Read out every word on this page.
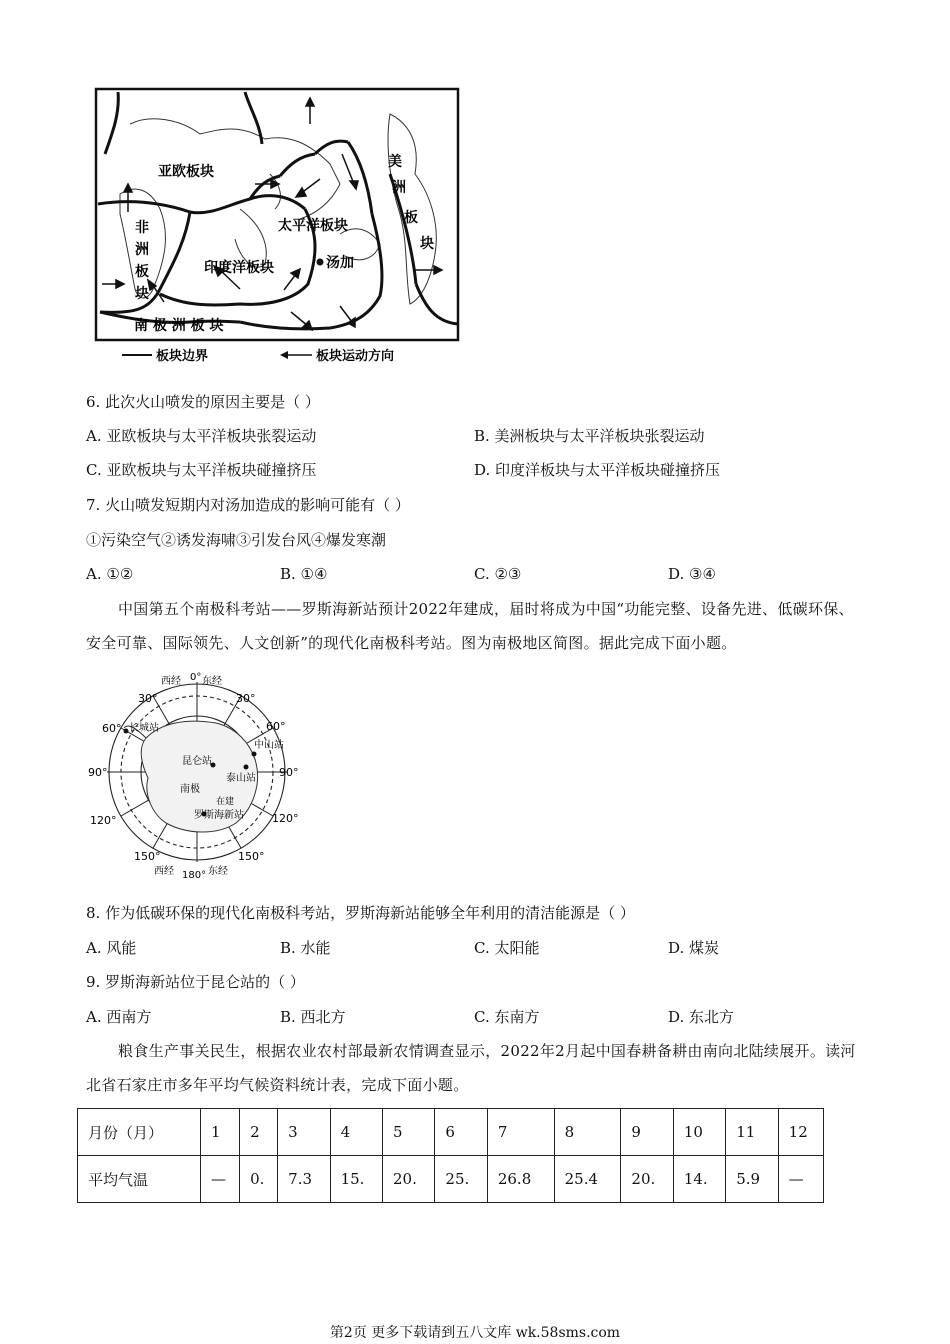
亚欧板块
非
洲
板
块
太平洋板块
美
洲
板
块
印度洋板块	汤加
南 极 洲 板 块
板块边界	板块运动方向
6. 此次火山喷发的原因主要是（ ）
A. 亚欧板块与太平洋板块张裂运动	B. 美洲板块与太平洋板块张裂运动
C. 亚欧板块与太平洋板块碰撞挤压	D. 印度洋板块与太平洋板块碰撞挤压
7. 火山喷发短期内对汤加造成的影响可能有（ ）
①污染空气②诱发海啸③引发台风④爆发寒潮
A. ①②	B. ①④	C. ②③	D. ③④
中国第五个南极科考站——罗斯海新站预计2022年建成，届时将成为中国“功能完整、设备先进、低碳环保、安全可靠、国际领先、人文创新”的现代化南极科考站。图为南极地区简图。据此完成下面小题。
西经 0° 东经
30°	30°
60°	60°
90°	90°
120°	120°
150°	150°
西经 180° 东经
长城站
昆仑站
中山站
泰山站
南极
在建
罗斯海新站
8. 作为低碳环保的现代化南极科考站，罗斯海新站能够全年利用的清洁能源是（ ）
A. 风能	B. 水能	C. 太阳能	D. 煤炭
9. 罗斯海新站位于昆仑站的（ ）
A. 西南方	B. 西北方	C. 东南方	D. 东北方
粮食生产事关民生，根据农业农村部最新农情调查显示，2022年2月起中国春耕备耕由南向北陆续展开。读河北省石家庄市多年平均气候资料统计表，完成下面小题。
月份（月）	1	2	3	4	5	6	7	8	9	10	11	12
平均气温	—	0.	7.3	15.	20.	25.	26.8	25.4	20.	14.	5.9	—
第2页 更多下载请到五八文库 wk.58sms.com
